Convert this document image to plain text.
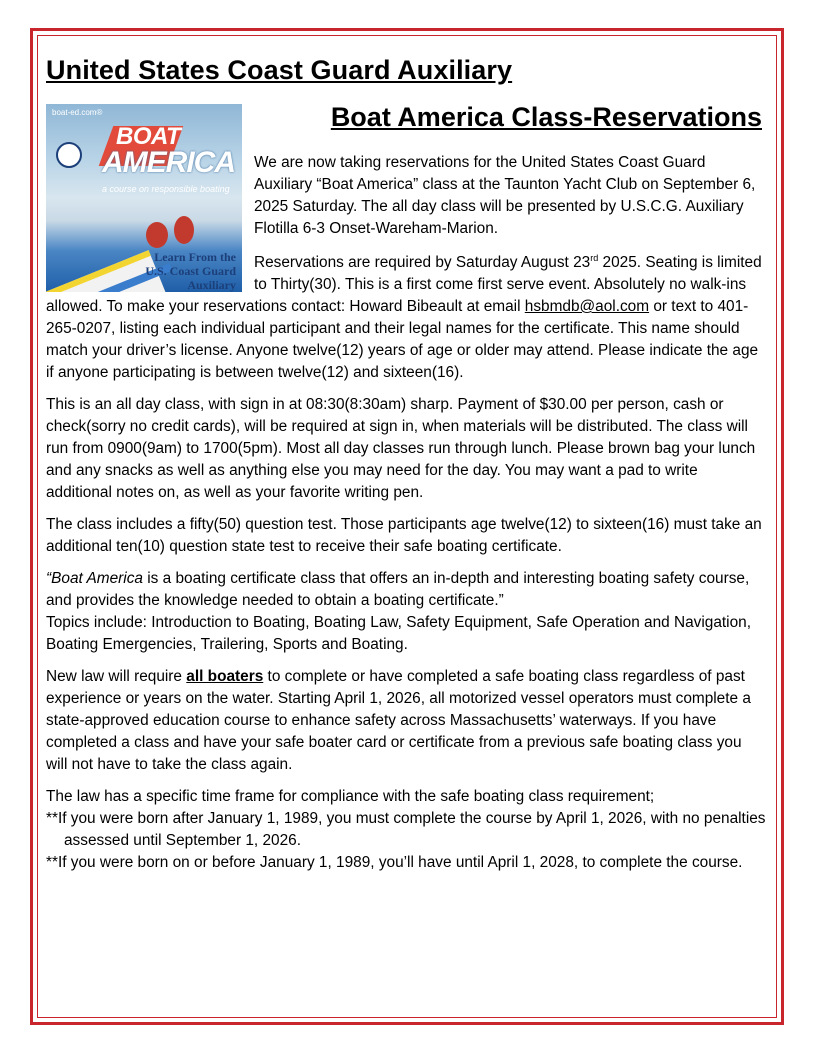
United States Coast Guard Auxiliary
boat-ed.com®
BOAT
AMERICA
a course on responsible boating
Learn From the
U.S. Coast Guard
Auxiliary
Boat America Class-Reservations

We are now taking reservations for the United States Coast Guard Auxiliary “Boat America” class at the Taunton Yacht Club on September 6, 2025 Saturday. The all day class will be presented by U.S.C.G. Auxiliary Flotilla 6-3 Onset-Wareham-Marion.

Reservations are required by Saturday August 23rd 2025. Seating is limited to Thirty(30). This is a first come first serve event. Absolutely no walk-ins allowed. To make your reservations contact: Howard Bibeault at email hsbmdb@aol.com or text to 401-265-0207, listing each individual participant and their legal names for the certificate. This name should match your driver’s license. Anyone twelve(12) years of age or older may attend. Please indicate the age if anyone participating is between twelve(12) and sixteen(16).

This is an all day class, with sign in at 08:30(8:30am) sharp. Payment of $30.00 per person, cash or check(sorry no credit cards), will be required at sign in, when materials will be distributed. The class will run from 0900(9am) to 1700(5pm). Most all day classes run through lunch. Please brown bag your lunch and any snacks as well as anything else you may need for the day. You may want a pad to write additional notes on, as well as your favorite writing pen.

The class includes a fifty(50) question test. Those participants age twelve(12) to sixteen(16) must take an additional ten(10) question state test to receive their safe boating certificate.

“Boat America is a boating certificate class that offers an in-depth and interesting boating safety course, and provides the knowledge needed to obtain a boating certificate.”
Topics include: Introduction to Boating, Boating Law, Safety Equipment, Safe Operation and Navigation, Boating Emergencies, Trailering, Sports and Boating.

New law will require all boaters to complete or have completed a safe boating class regardless of past experience or years on the water. Starting April 1, 2026, all motorized vessel operators must complete a state-approved education course to enhance safety across Massachusetts’ waterways. If you have completed a class and have your safe boater card or certificate from a previous safe boating class you will not have to take the class again.

The law has a specific time frame for compliance with the safe boating class requirement;
**If you were born after January 1, 1989, you must complete the course by April 1, 2026, with no penalties assessed until September 1, 2026.
**If you were born on or before January 1, 1989, you’ll have until April 1, 2028, to complete the course.
